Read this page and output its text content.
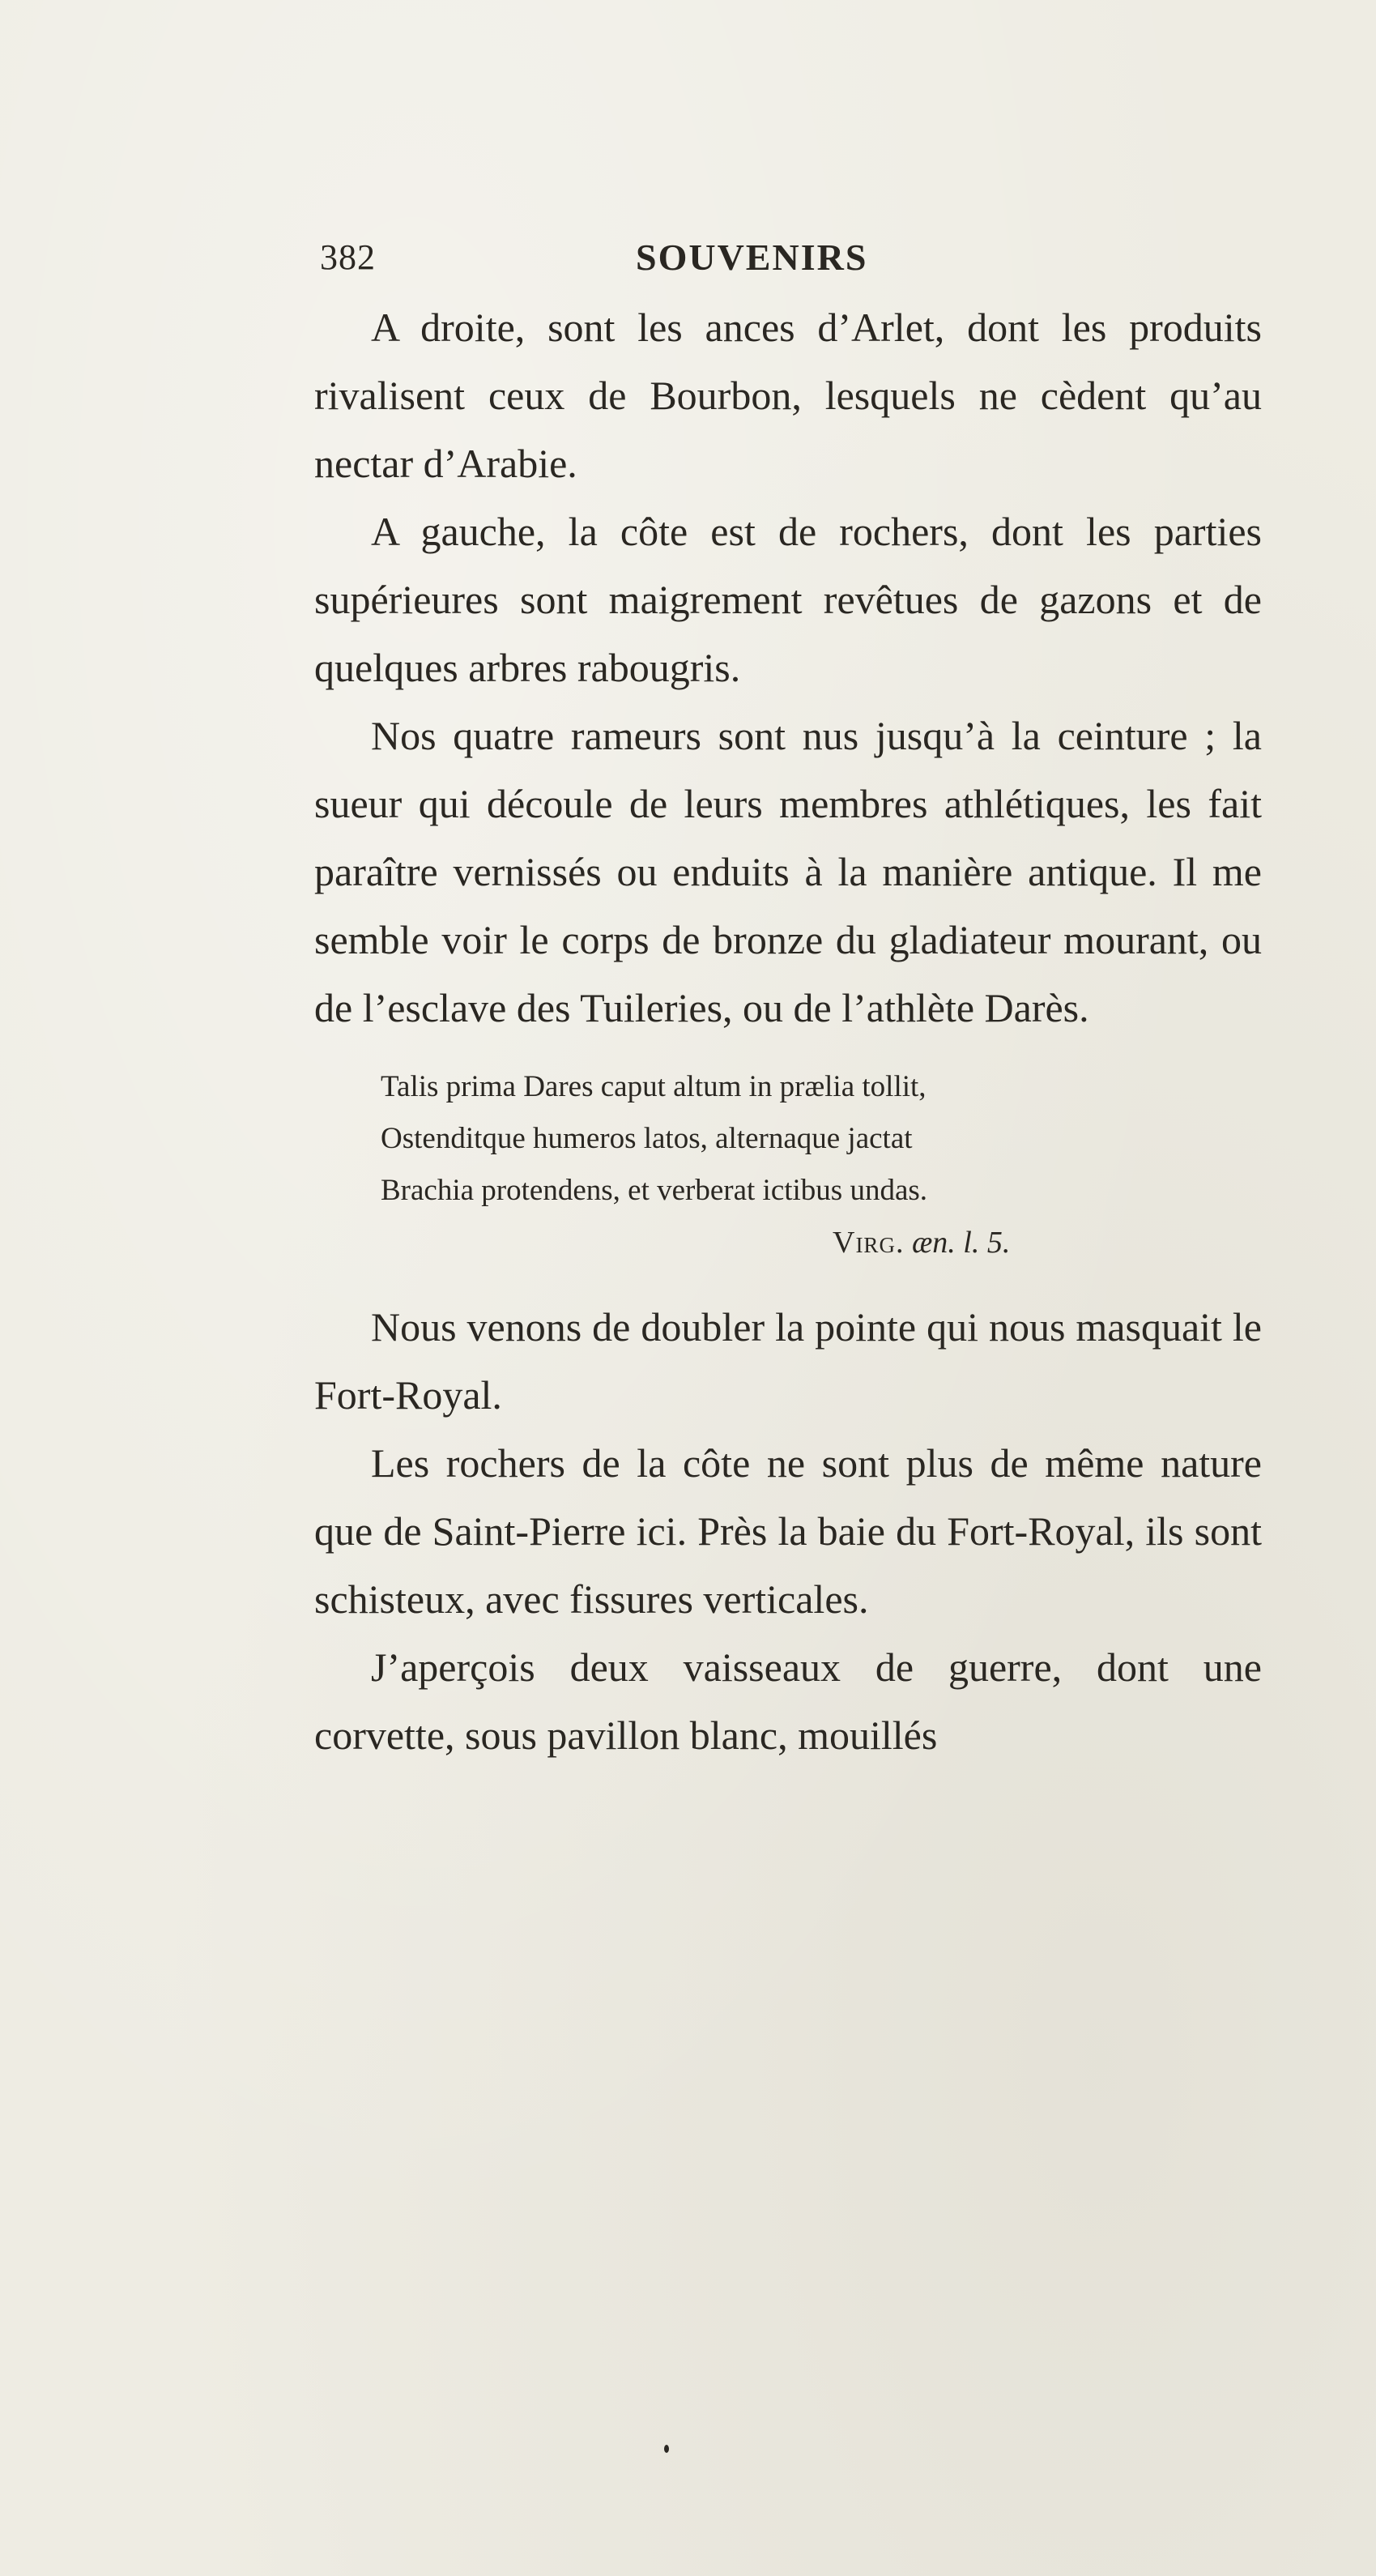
382	SOUVENIRS

A droite, sont les ances d’Arlet, dont les produits rivalisent ceux de Bourbon, lesquels ne cèdent qu’au nectar d’Arabie.

A gauche, la côte est de rochers, dont les parties supérieures sont maigrement revêtues de gazons et de quelques arbres rabougris.

Nos quatre rameurs sont nus jusqu’à la ceinture ; la sueur qui découle de leurs membres athlétiques, les fait paraître vernissés ou enduits à la manière antique. Il me semble voir le corps de bronze du gladiateur mourant, ou de l’esclave des Tuileries, ou de l’athlète Darès.

Talis prima Dares caput altum in prælia tollit,
Ostenditque humeros latos, alternaque jactat
Brachia protendens, et verberat ictibus undas.
Virg. æn. l. 5.

Nous venons de doubler la pointe qui nous masquait le Fort-Royal.

Les rochers de la côte ne sont plus de même nature que de Saint-Pierre ici. Près la baie du Fort-Royal, ils sont schisteux, avec fissures verticales.

J’aperçois deux vaisseaux de guerre, dont une corvette, sous pavillon blanc, mouillés
